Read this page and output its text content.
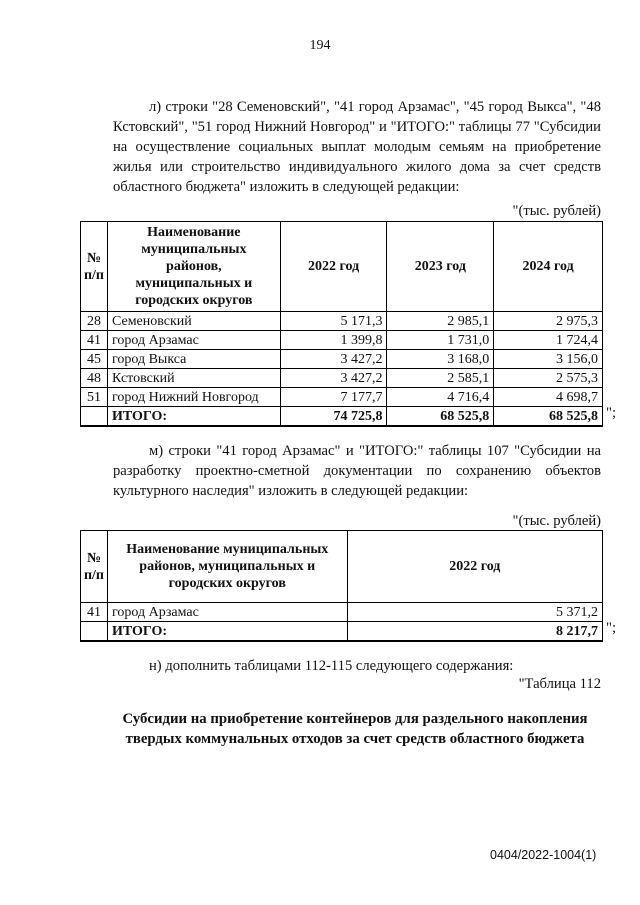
194
л) строки "28 Семеновский", "41 город Арзамас", "45 город Выкса", "48 Кстовский", "51 город Нижний Новгород" и "ИТОГО:" таблицы 77 "Субсидии на осуществление социальных выплат молодым семьям на приобретение жилья или строительство индивидуального жилого дома за счет средств областного бюджета" изложить в следующей редакции:
"(тыс. рублей)
№ п/п	Наименование муниципальных районов, муниципальных и городских округов	2022 год	2023 год	2024 год
28	Семеновский	5 171,3	2 985,1	2 975,3
41	город Арзамас	1 399,8	1 731,0	1 724,4
45	город Выкса	3 427,2	3 168,0	3 156,0
48	Кстовский	3 427,2	2 585,1	2 575,3
51	город Нижний Новгород	7 177,7	4 716,4	4 698,7
	ИТОГО:	74 725,8	68 525,8	68 525,8 ";
м) строки "41 город Арзамас" и "ИТОГО:" таблицы 107 "Субсидии на разработку проектно-сметной документации по сохранению объектов культурного наследия" изложить в следующей редакции:
"(тыс. рублей)
№ п/п	Наименование муниципальных районов, муниципальных и городских округов	2022 год
41	город Арзамас	5 371,2
	ИТОГО:	8 217,7 ";
н) дополнить таблицами 112-115 следующего содержания:
"Таблица 112
Субсидии на приобретение контейнеров для раздельного накопления твердых коммунальных отходов за счет средств областного бюджета
0404/2022-1004(1)
